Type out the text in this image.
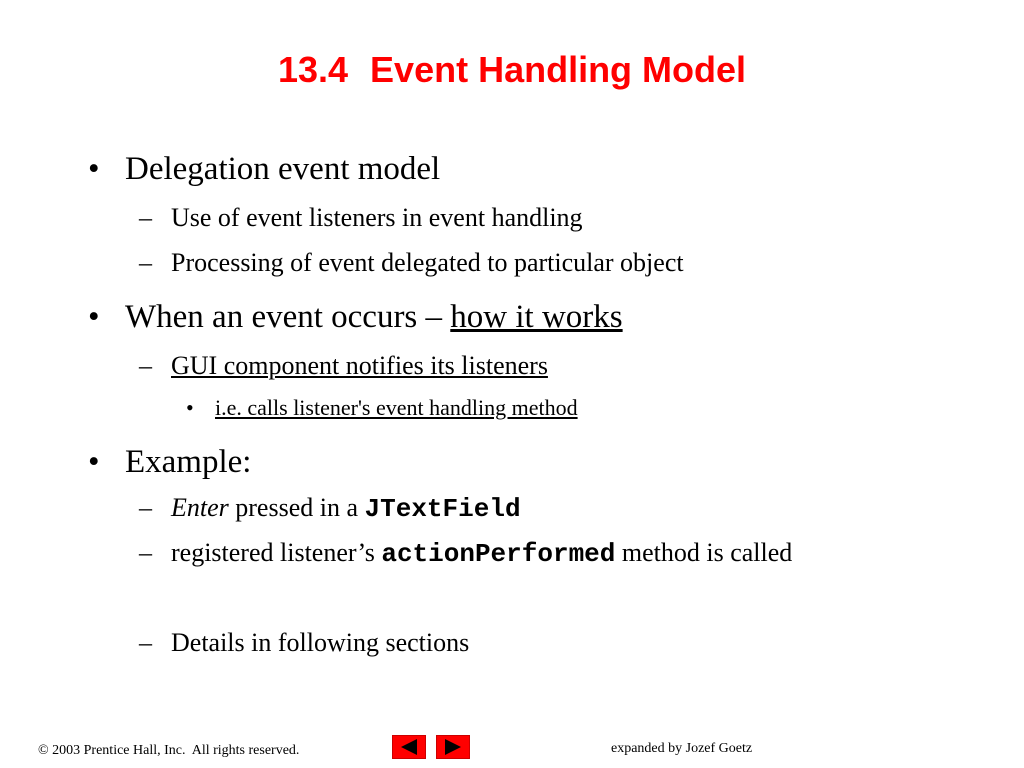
13.4 Event Handling Model
• Delegation event model
– Use of event listeners in event handling
– Processing of event delegated to particular object
• When an event occurs – how it works
– GUI component notifies its listeners
• i.e. calls listener's event handling method
• Example:
– Enter pressed in a JTextField
– registered listener’s actionPerformed method is called
– Details in following sections
© 2003 Prentice Hall, Inc.  All rights reserved.	expanded by Jozef Goetz
